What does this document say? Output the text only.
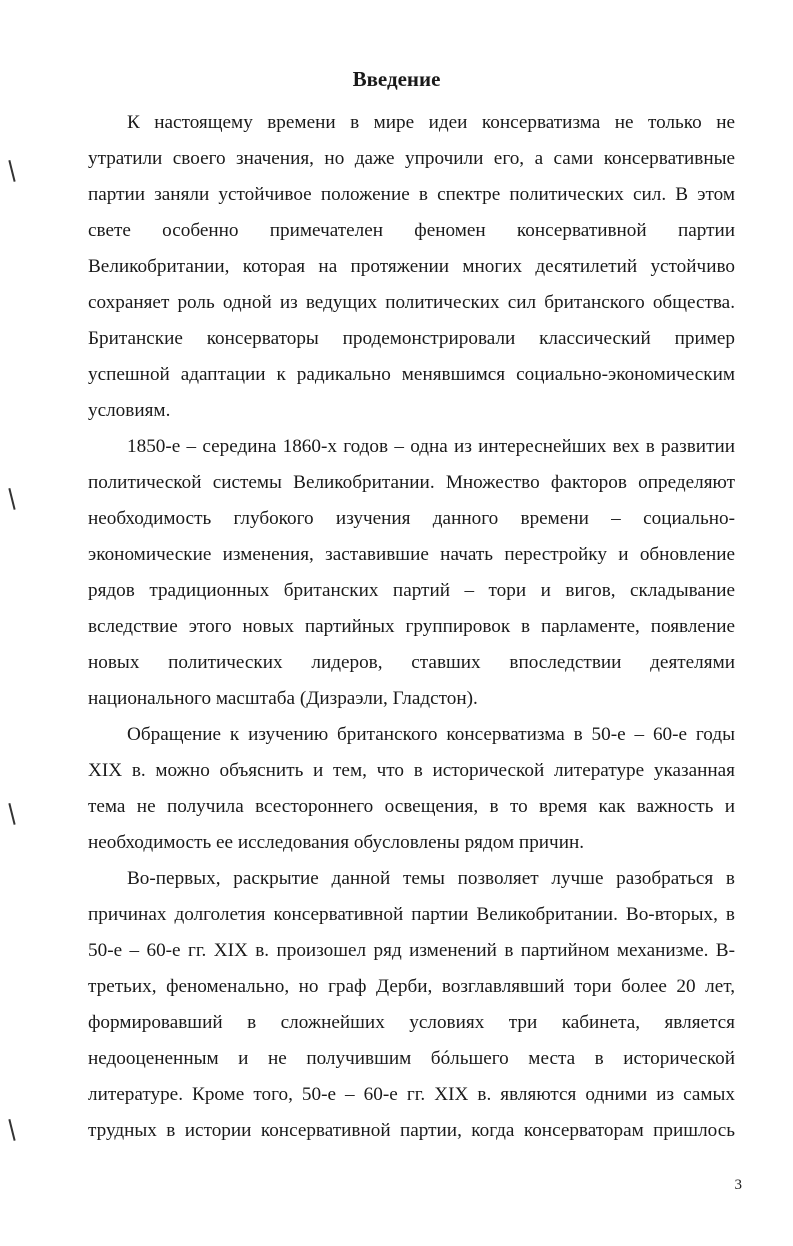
Введение
К настоящему времени в мире идеи консерватизма не только не
утратили своего значения, но даже упрочили его, а сами консервативные
партии заняли устойчивое положение в спектре политических сил. В этом
свете особенно примечателен феномен консервативной партии
Великобритании, которая на протяжении многих десятилетий устойчиво
сохраняет роль одной из ведущих политических сил британского общества.
Британские консерваторы продемонстрировали классический пример
успешной адаптации к радикально менявшимся социально-экономическим
условиям.
1850-е – середина 1860-х годов – одна из интереснейших вех в развитии
политической системы Великобритании. Множество факторов определяют
необходимость глубокого изучения данного времени – социально-
экономические изменения, заставившие начать перестройку и обновление
рядов традиционных британских партий – тори и вигов, складывание
вследствие этого новых партийных группировок в парламенте, появление
новых политических лидеров, ставших впоследствии деятелями
национального масштаба (Дизраэли, Гладстон).
Обращение к изучению британского консерватизма в 50-е – 60-е годы
XIX в. можно объяснить и тем, что в исторической литературе указанная
тема не получила всестороннего освещения, в то время как важность и
необходимость ее исследования обусловлены рядом причин.
Во-первых, раскрытие данной темы позволяет лучше разобраться в
причинах долголетия консервативной партии Великобритании. Во-вторых, в
50-е – 60-е гг. XIX в. произошел ряд изменений в партийном механизме. В-
третьих, феноменально, но граф Дерби, возглавлявший тори более 20 лет,
формировавший в сложнейших условиях три кабинета, является
недооцененным и не получившим бóльшего места в исторической
литературе. Кроме того, 50-е – 60-е гг. XIX в. являются одними из самых
трудных в истории консервативной партии, когда консерваторам пришлось
3
